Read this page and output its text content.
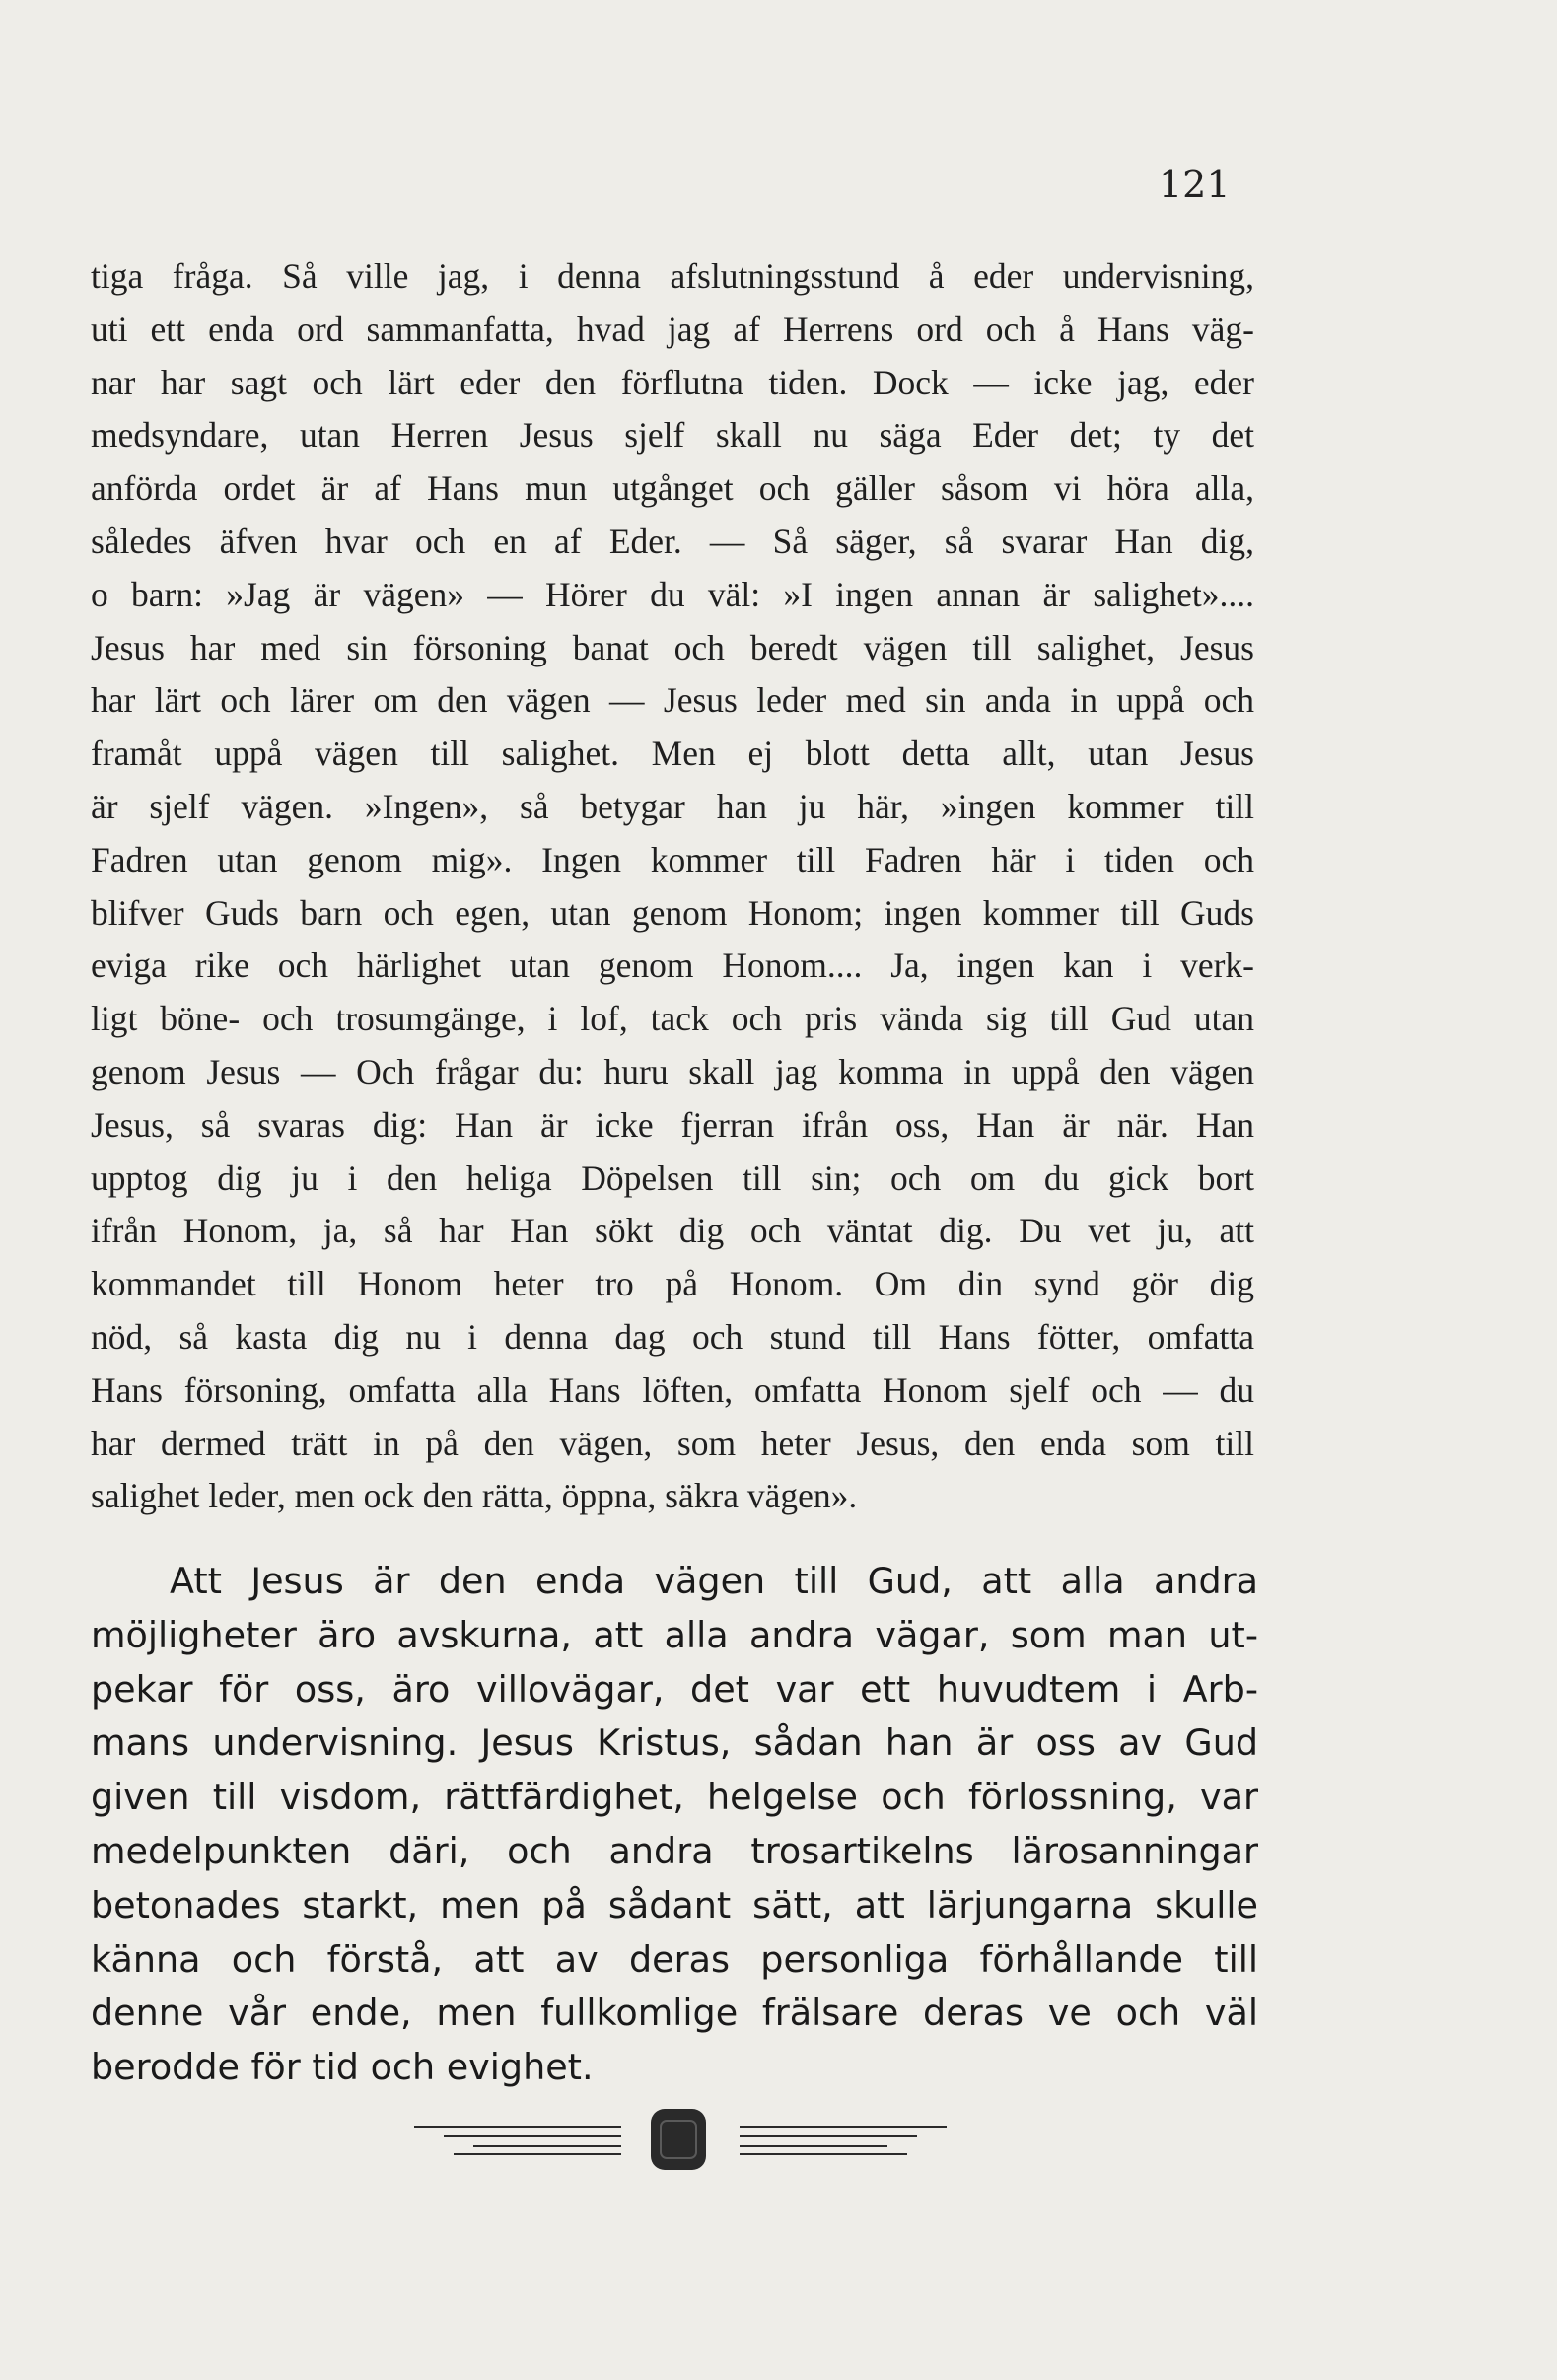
121
tiga fråga. Så ville jag, i denna afslutningsstund å eder undervisning,
uti ett enda ord sammanfatta, hvad jag af Herrens ord och å Hans väg-
nar har sagt och lärt eder den förflutna tiden. Dock — icke jag, eder
medsyndare, utan Herren Jesus sjelf skall nu säga Eder det; ty det
anförda ordet är af Hans mun utgånget och gäller såsom vi höra alla,
således äfven hvar och en af Eder. — Så säger, så svarar Han dig,
o barn: »Jag är vägen» — Hörer du väl: »I ingen annan är salighet»....
Jesus har med sin försoning banat och beredt vägen till salighet, Jesus
har lärt och lärer om den vägen — Jesus leder med sin anda in uppå och
framåt uppå vägen till salighet. Men ej blott detta allt, utan Jesus
är sjelf vägen. »Ingen», så betygar han ju här, »ingen kommer till
Fadren utan genom mig». Ingen kommer till Fadren här i tiden och
blifver Guds barn och egen, utan genom Honom; ingen kommer till Guds
eviga rike och härlighet utan genom Honom.... Ja, ingen kan i verk-
ligt böne- och trosumgänge, i lof, tack och pris vända sig till Gud utan
genom Jesus — Och frågar du: huru skall jag komma in uppå den vägen
Jesus, så svaras dig: Han är icke fjerran ifrån oss, Han är när. Han
upptog dig ju i den heliga Döpelsen till sin; och om du gick bort
ifrån Honom, ja, så har Han sökt dig och väntat dig. Du vet ju, att
kommandet till Honom heter tro på Honom. Om din synd gör dig
nöd, så kasta dig nu i denna dag och stund till Hans fötter, omfatta
Hans försoning, omfatta alla Hans löften, omfatta Honom sjelf och — du
har dermed trätt in på den vägen, som heter Jesus, den enda som till
salighet leder, men ock den rätta, öppna, säkra vägen».
Att Jesus är den enda vägen till Gud, att alla andra
möjligheter äro avskurna, att alla andra vägar, som man ut-
pekar för oss, äro villovägar, det var ett huvudtem i Arb-
mans undervisning. Jesus Kristus, sådan han är oss av Gud
given till visdom, rättfärdighet, helgelse och förlossning, var
medelpunkten däri, och andra trosartikelns lärosanningar
betonades starkt, men på sådant sätt, att lärjungarna skulle
känna och förstå, att av deras personliga förhållande till
denne vår ende, men fullkomlige frälsare deras ve och väl
berodde för tid och evighet.
